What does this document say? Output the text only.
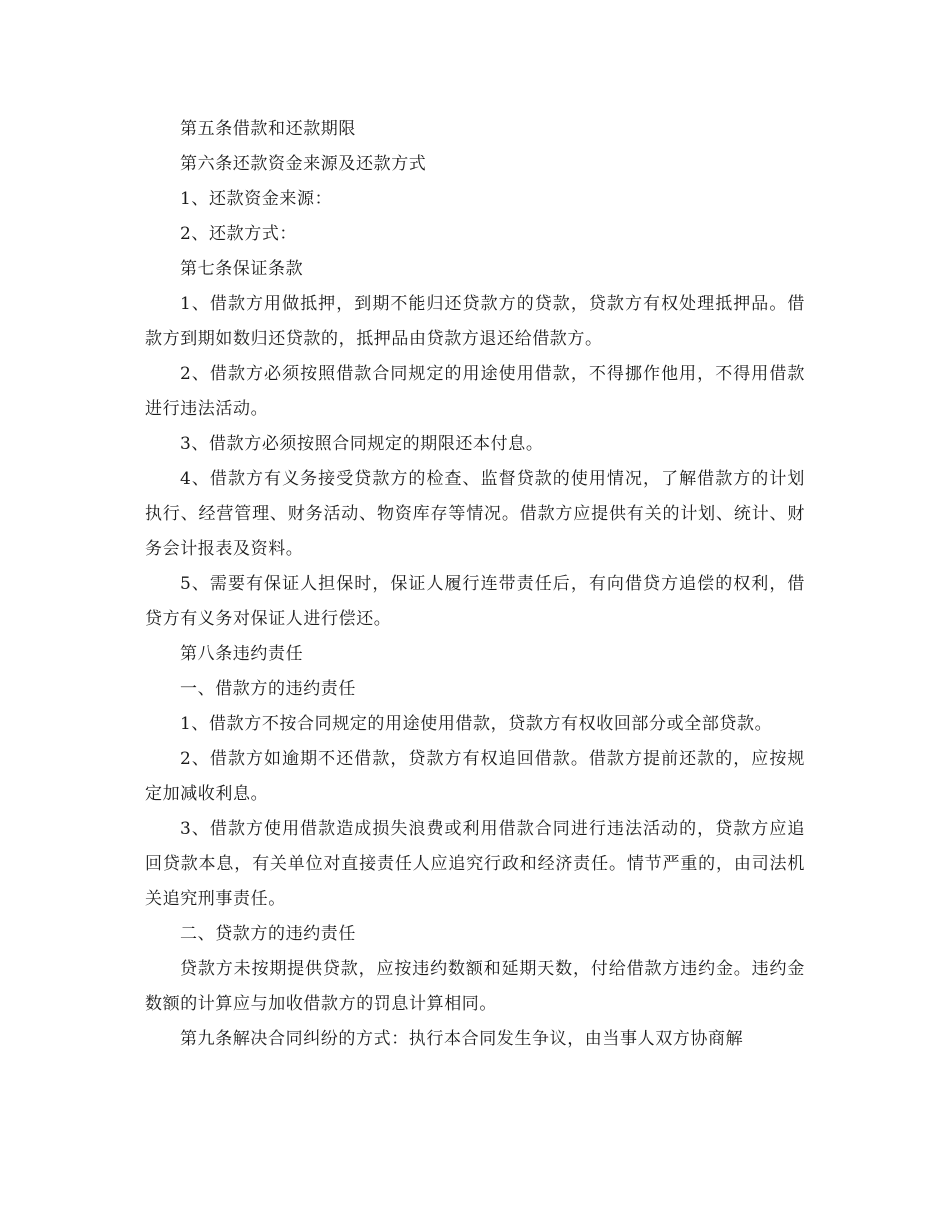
第五条借款和还款期限

第六条还款资金来源及还款方式

1、还款资金来源：

2、还款方式：

第七条保证条款

1、借款方用做抵押，到期不能归还贷款方的贷款，贷款方有权处理抵押品。借款方到期如数归还贷款的，抵押品由贷款方退还给借款方。

2、借款方必须按照借款合同规定的用途使用借款，不得挪作他用，不得用借款进行违法活动。

3、借款方必须按照合同规定的期限还本付息。

4、借款方有义务接受贷款方的检查、监督贷款的使用情况，了解借款方的计划执行、经营管理、财务活动、物资库存等情况。借款方应提供有关的计划、统计、财务会计报表及资料。

5、需要有保证人担保时，保证人履行连带责任后，有向借贷方追偿的权利，借贷方有义务对保证人进行偿还。

第八条违约责任

一、借款方的违约责任

1、借款方不按合同规定的用途使用借款，贷款方有权收回部分或全部贷款。

2、借款方如逾期不还借款，贷款方有权追回借款。借款方提前还款的，应按规定加减收利息。

3、借款方使用借款造成损失浪费或利用借款合同进行违法活动的，贷款方应追回贷款本息，有关单位对直接责任人应追究行政和经济责任。情节严重的，由司法机关追究刑事责任。

二、贷款方的违约责任

贷款方未按期提供贷款，应按违约数额和延期天数，付给借款方违约金。违约金数额的计算应与加收借款方的罚息计算相同。

第九条解决合同纠纷的方式：执行本合同发生争议，由当事人双方协商解
